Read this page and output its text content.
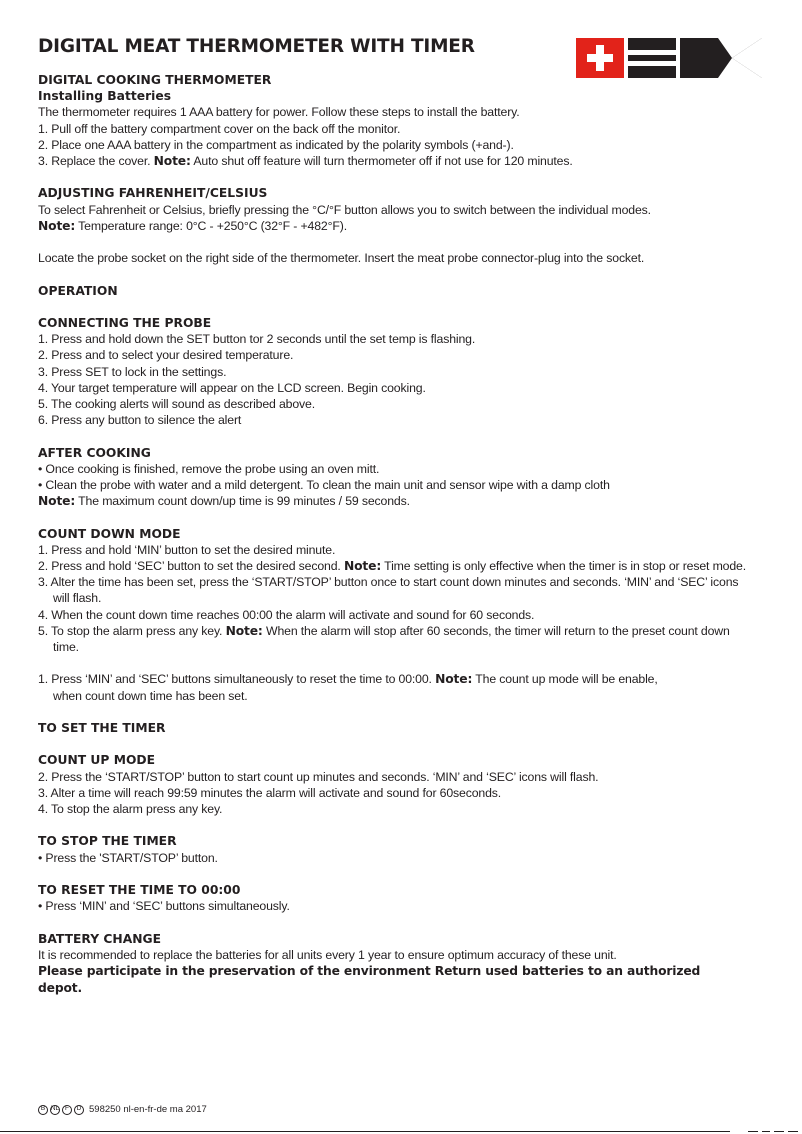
DIGITAL MEAT THERMOMETER WITH TIMER
DIGITAL COOKING THERMOMETER
Installing Batteries
The thermometer requires 1 AAA battery for power. Follow these steps to install the battery.
1. Pull off the battery compartment cover on the back off the monitor.
2. Place one AAA battery in the compartment as indicated by the polarity symbols (+and-).
3. Replace the cover. Note: Auto shut off feature will turn thermometer off if not use for 120 minutes.
ADJUSTING FAHRENHEIT/CELSIUS
To select Fahrenheit or Celsius, briefly pressing the °C/°F button allows you to switch between the individual modes.
Note: Temperature range: 0°C - +250°C (32°F - +482°F).
Locate the probe socket on the right side of the thermometer. Insert the meat probe connector-plug into the socket.
OPERATION
CONNECTING THE PROBE
1. Press and hold down the SET button tor 2 seconds until the set temp is flashing.
2. Press and to select your desired temperature.
3. Press SET to lock in the settings.
4. Your target temperature will appear on the LCD screen. Begin cooking.
5. The cooking alerts will sound as described above.
6. Press any button to silence the alert
AFTER COOKING
• Once cooking is finished, remove the probe using an oven mitt.
• Clean the probe with water and a mild detergent. To clean the main unit and sensor wipe with a damp cloth
Note: The maximum count down/up time is 99 minutes / 59 seconds.
COUNT DOWN MODE
1. Press and hold ‘MIN’ button to set the desired minute.
2. Press and hold ‘SEC’ button to set the desired second. Note: Time setting is only effective when the timer is in stop or reset mode.
3. Alter the time has been set, press the ‘START/STOP’ button once to start count down minutes and seconds. ‘MIN’ and ‘SEC’ icons will flash.
4. When the count down time reaches 00:00 the alarm will activate and sound for 60 seconds.
5. To stop the alarm press any key. Note: When the alarm will stop after 60 seconds, the timer will return to the preset count down time.
1. Press ‘MIN’ and ‘SEC’ buttons simultaneously to reset the time to 00:00. Note: The count up mode will be enable,
when count down time has been set.
TO SET THE TIMER
COUNT UP MODE
2. Press the ‘START/STOP’ button to start count up minutes and seconds. ‘MIN’ and ‘SEC’ icons will flash.
3. Alter a time will reach 99:59 minutes the alarm will activate and sound for 60seconds.
4. To stop the alarm press any key.
TO STOP THE TIMER
• Press the 'START/STOP’ button.
TO RESET THE TIME TO 00:00
• Press ‘MIN’ and ‘SEC’ buttons simultaneously.
BATTERY CHANGE
It is recommended to replace the batteries for all units every 1 year to ensure optimum accuracy of these unit.
Please participate in the preservation of the environment Return used batteries to an authorized depot.
B NL F	D 598250 nl-en-fr-de ma 2017
